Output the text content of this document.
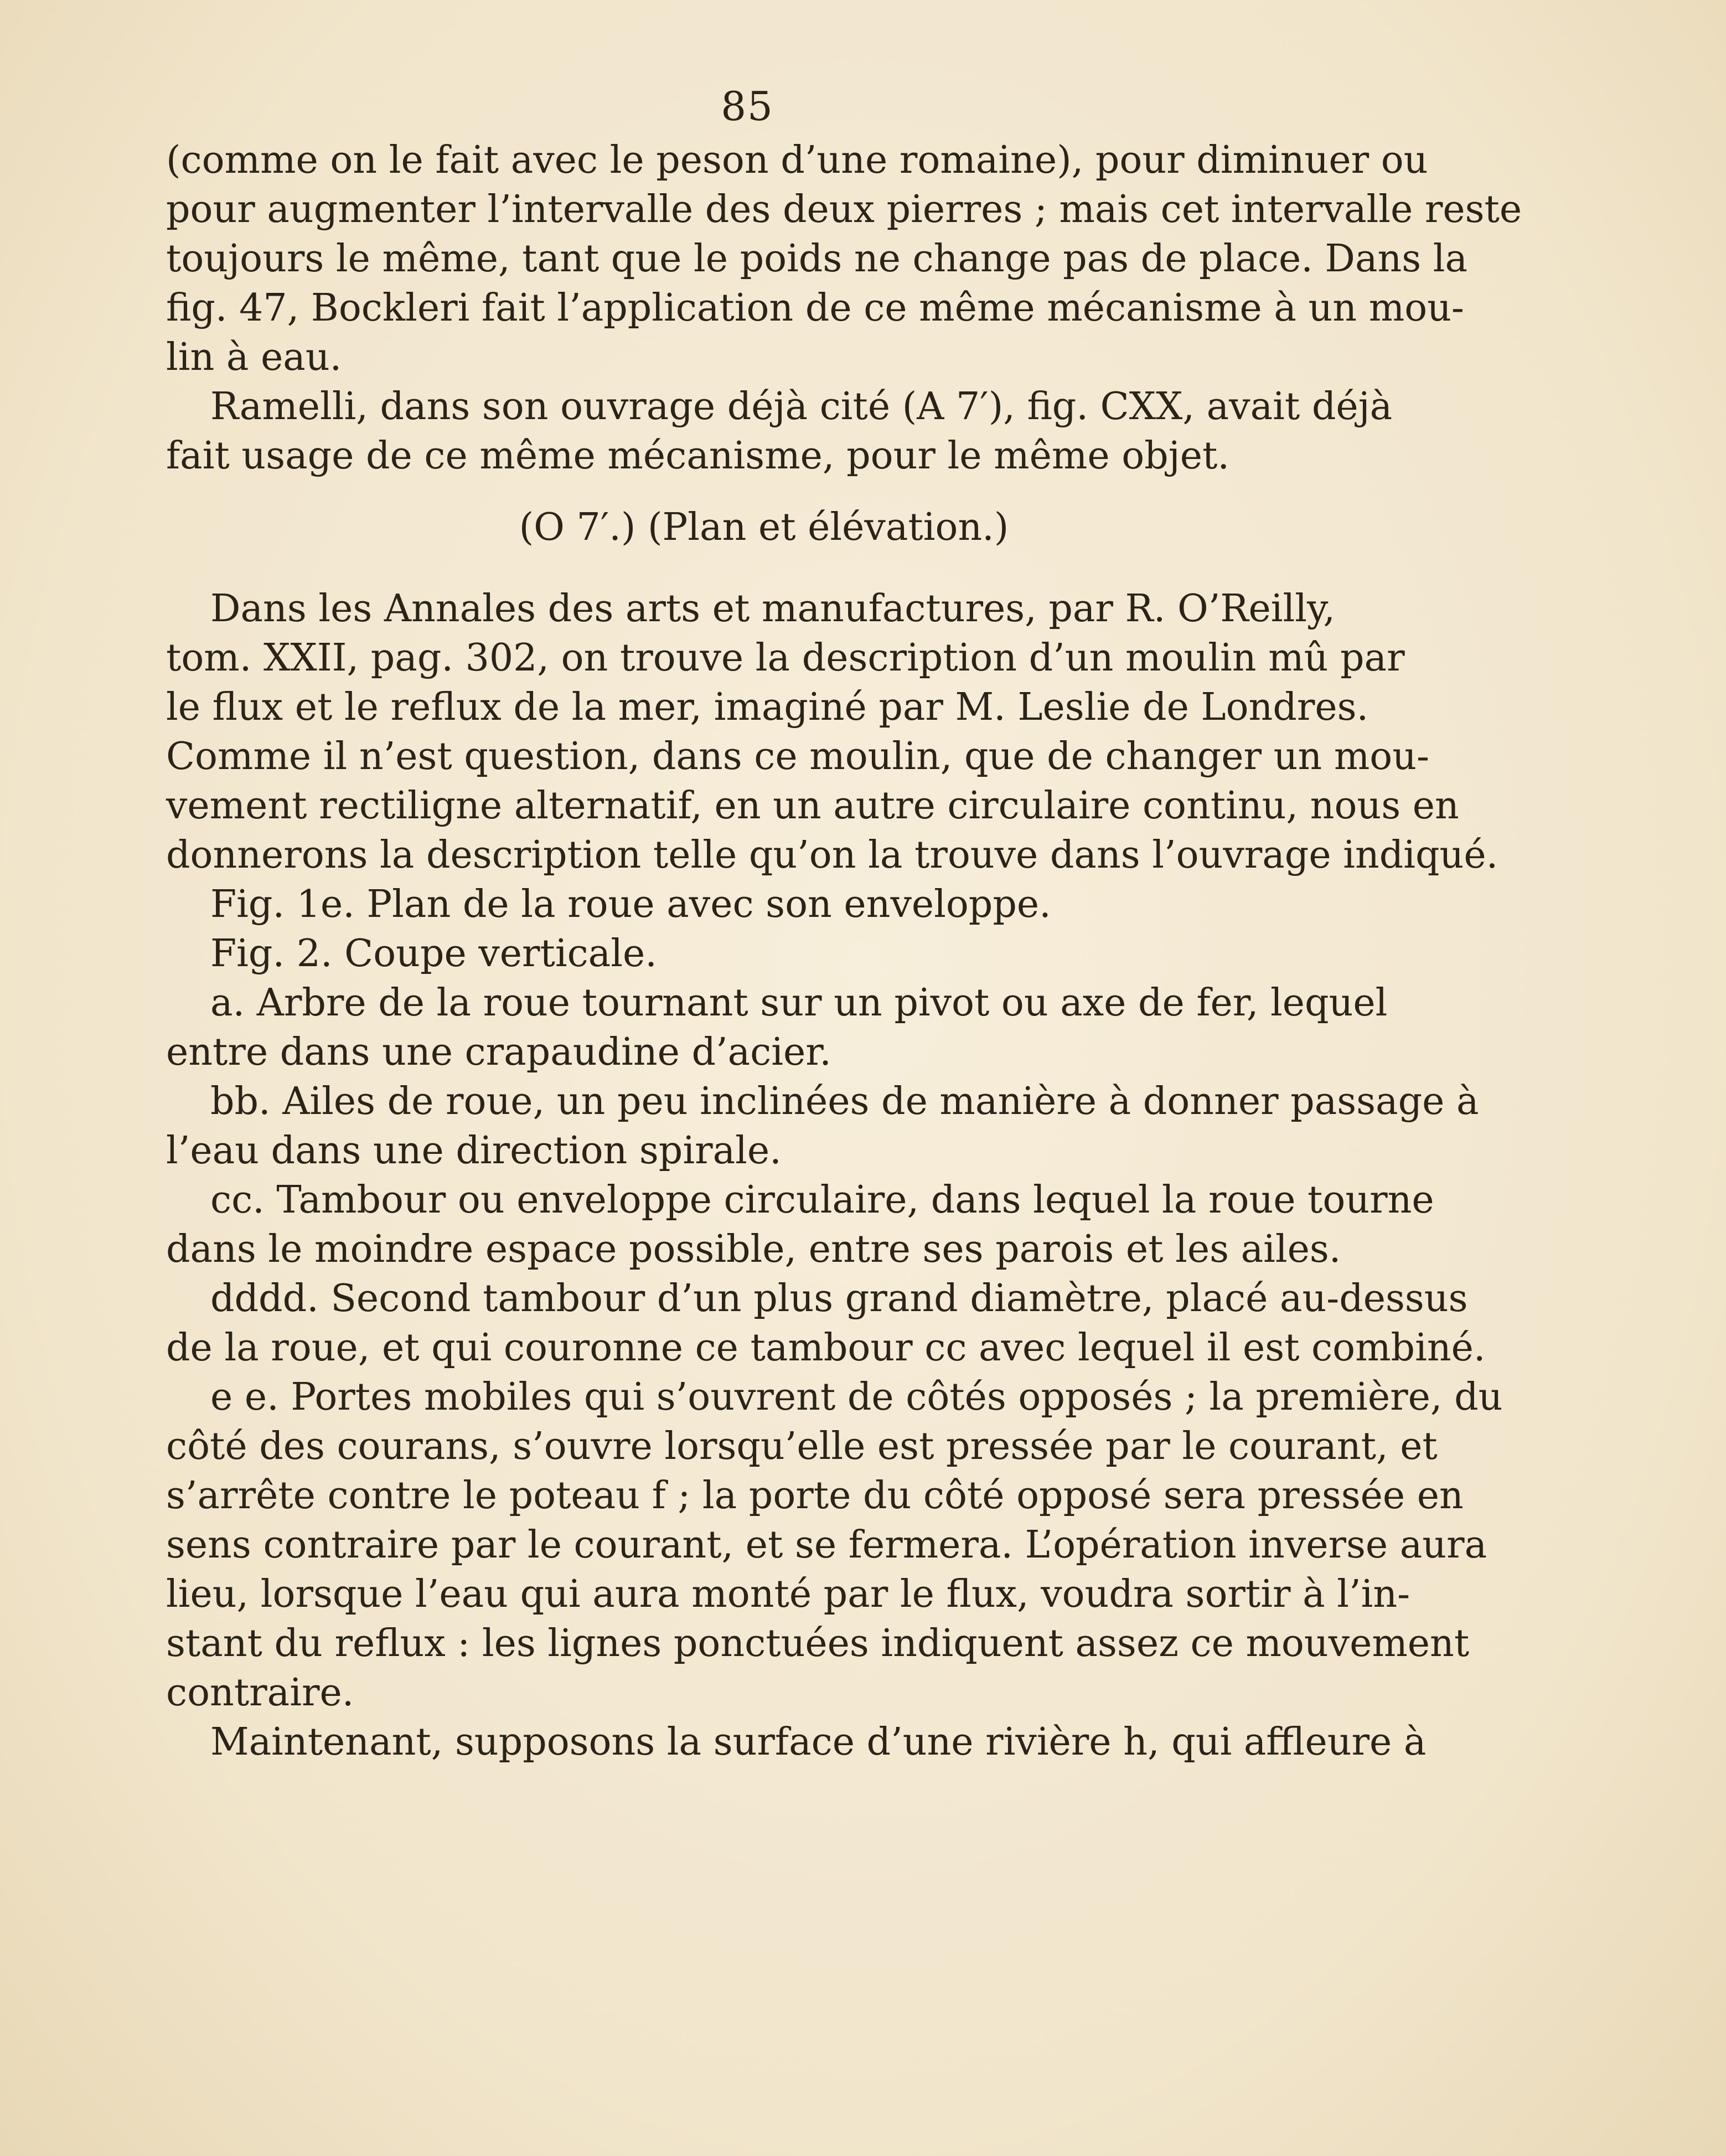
85
(comme on le fait avec le peson d’une romaine), pour diminuer ou
pour augmenter l’intervalle des deux pierres ; mais cet intervalle reste
toujours le même, tant que le poids ne change pas de place. Dans la
fig. 47, Bockleri fait l’application de ce même mécanisme à un mou-
lin à eau.
Ramelli, dans son ouvrage déjà cité (A 7′), fig. CXX, avait déjà
fait usage de ce même mécanisme, pour le même objet.
(O 7′.) (Plan et élévation.)
Dans les Annales des arts et manufactures, par R. O’Reilly,
tom. XXII, pag. 302, on trouve la description d’un moulin mû par
le flux et le reflux de la mer, imaginé par M. Leslie de Londres.
Comme il n’est question, dans ce moulin, que de changer un mou-
vement rectiligne alternatif, en un autre circulaire continu, nous en
donnerons la description telle qu’on la trouve dans l’ouvrage indiqué.
Fig. 1e. Plan de la roue avec son enveloppe.
Fig. 2. Coupe verticale.
a. Arbre de la roue tournant sur un pivot ou axe de fer, lequel
entre dans une crapaudine d’acier.
bb. Ailes de roue, un peu inclinées de manière à donner passage à
l’eau dans une direction spirale.
cc. Tambour ou enveloppe circulaire, dans lequel la roue tourne
dans le moindre espace possible, entre ses parois et les ailes.
dddd. Second tambour d’un plus grand diamètre, placé au-dessus
de la roue, et qui couronne ce tambour cc avec lequel il est combiné.
e e. Portes mobiles qui s’ouvrent de côtés opposés ; la première, du
côté des courans, s’ouvre lorsqu’elle est pressée par le courant, et
s’arrête contre le poteau f ; la porte du côté opposé sera pressée en
sens contraire par le courant, et se fermera. L’opération inverse aura
lieu, lorsque l’eau qui aura monté par le flux, voudra sortir à l’in-
stant du reflux : les lignes ponctuées indiquent assez ce mouvement
contraire.
Maintenant, supposons la surface d’une rivière h, qui affleure à
